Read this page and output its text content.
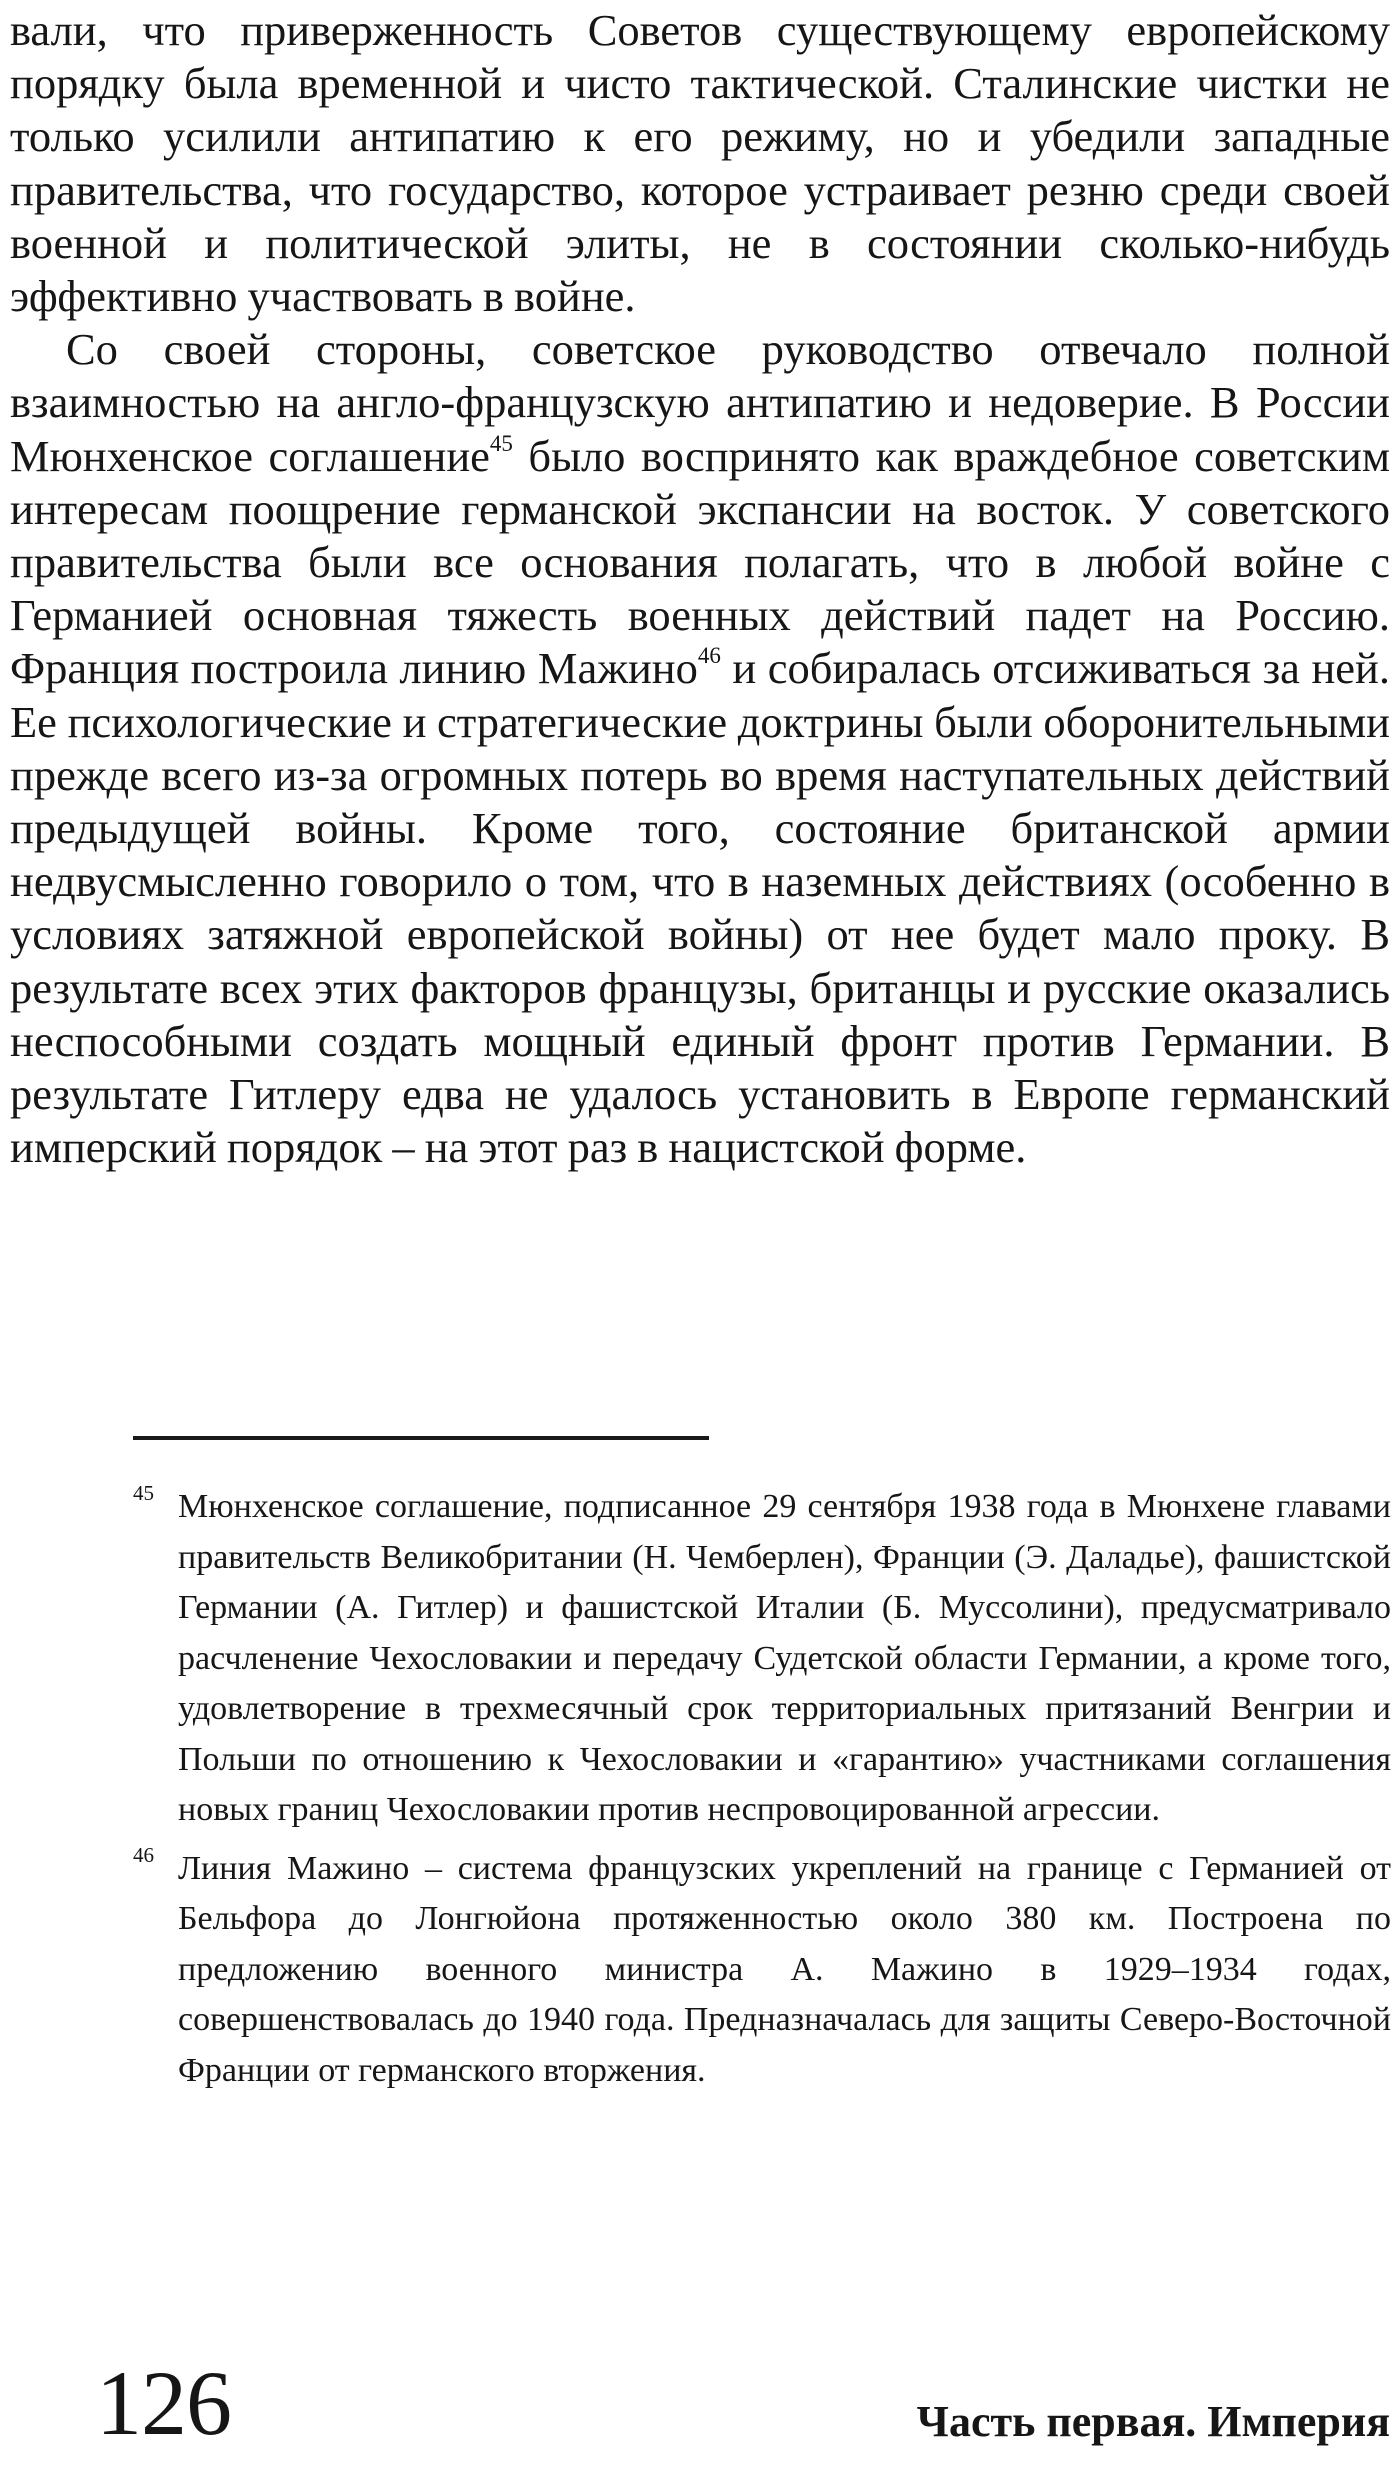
вали, что приверженность Советов существующему европейскому порядку была временной и чисто тактической. Сталинские чистки не только усилили антипатию к его режиму, но и убедили западные правительства, что государство, которое устраивает резню среди своей военной и политической элиты, не в состоянии сколько-нибудь эффективно участвовать в войне.

Со своей стороны, советское руководство отвечало полной взаимностью на англо-французскую антипатию и недоверие. В России Мюнхенское соглашение$^{45}$ было воспринято как враждебное советским интересам поощрение германской экспансии на восток. У советского правительства были все основания полагать, что в любой войне с Германией основная тяжесть военных действий падет на Россию. Франция построила линию Мажино$^{46}$ и собиралась отсиживаться за ней. Ее психологические и стратегические доктрины были оборонительными прежде всего из-за огромных потерь во время наступательных действий предыдущей войны. Кроме того, состояние британской армии недвусмысленно говорило о том, что в наземных действиях (особенно в условиях затяжной европейской войны) от нее будет мало проку. В результате всех этих факторов французы, британцы и русские оказались неспособными создать мощный единый фронт против Германии. В результате Гитлеру едва не удалось установить в Европе германский имперский порядок – на этот раз в нацистской форме.

45 Мюнхенское соглашение, подписанное 29 сентября 1938 года в Мюнхене главами правительств Великобритании (Н. Чемберлен), Франции (Э. Даладье), фашистской Германии (А. Гитлер) и фашистской Италии (Б. Муссолини), предусматривало расчленение Чехословакии и передачу Судетской области Германии, а кроме того, удовлетворение в трехмесячный срок территориальных притязаний Венгрии и Польши по отношению к Чехословакии и «гарантию» участниками соглашения новых границ Чехословакии против неспровоцированной агрессии.
46 Линия Мажино – система французских укреплений на границе с Германией от Бельфора до Лонгюйона протяженностью около 380 км. Построена по предложению военного министра А. Мажино в 1929–1934 годах, совершенствовалась до 1940 года. Предназначалась для защиты Северо-Восточной Франции от германского вторжения.
126	Часть первая. Империя
